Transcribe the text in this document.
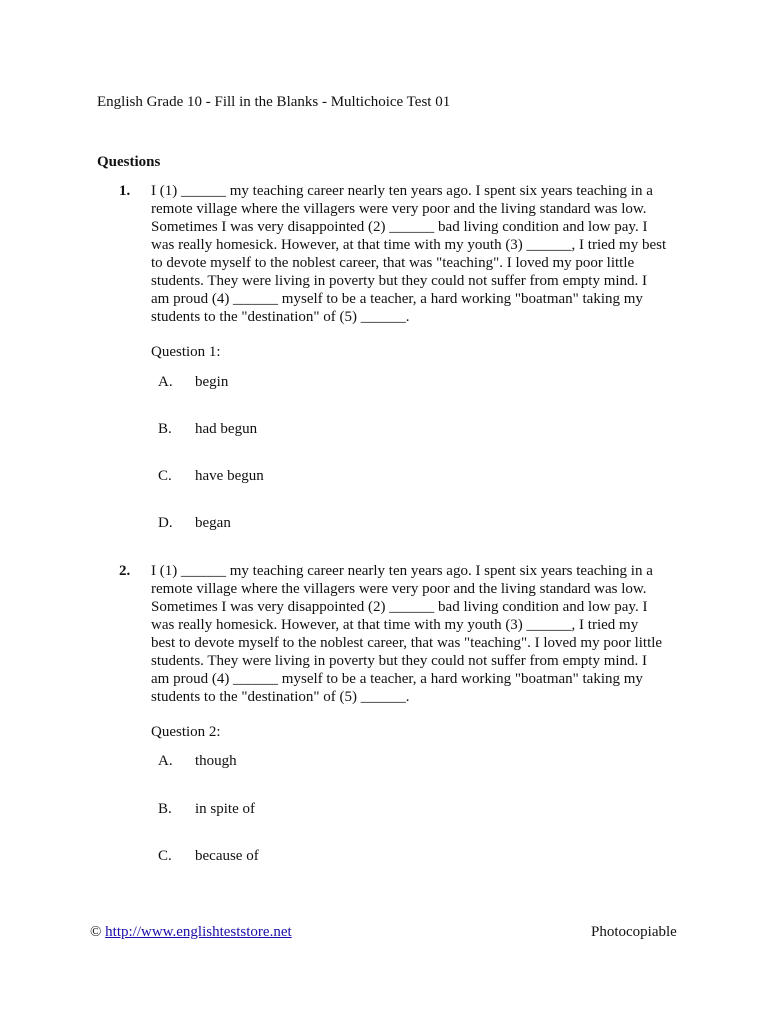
English Grade 10 - Fill in the Blanks - Multichoice Test 01
Questions
1. I (1) ______ my teaching career nearly ten years ago. I spent six years teaching in a
remote village where the villagers were very poor and the living standard was low.
Sometimes I was very disappointed (2) ______ bad living condition and low pay. I
was really homesick. However, at that time with my youth (3) ______, I tried my best
to devote myself to the noblest career, that was "teaching". I loved my poor little
students. They were living in poverty but they could not suffer from empty mind. I
am proud (4) ______ myself to be a teacher, a hard working "boatman" taking my
students to the "destination" of (5) ______.
Question 1:
A. begin
B. had begun
C. have begun
D. began
2. I (1) ______ my teaching career nearly ten years ago. I spent six years teaching in a
remote village where the villagers were very poor and the living standard was low.
Sometimes I was very disappointed (2) ______ bad living condition and low pay. I
was really homesick. However, at that time with my youth (3) ______, I tried my
best to devote myself to the noblest career, that was "teaching". I loved my poor little
students. They were living in poverty but they could not suffer from empty mind. I
am proud (4) ______ myself to be a teacher, a hard working "boatman" taking my
students to the "destination" of (5) ______.
Question 2:
A. though
B. in spite of
C. because of
© http://www.englishteststore.net	Photocopiable
